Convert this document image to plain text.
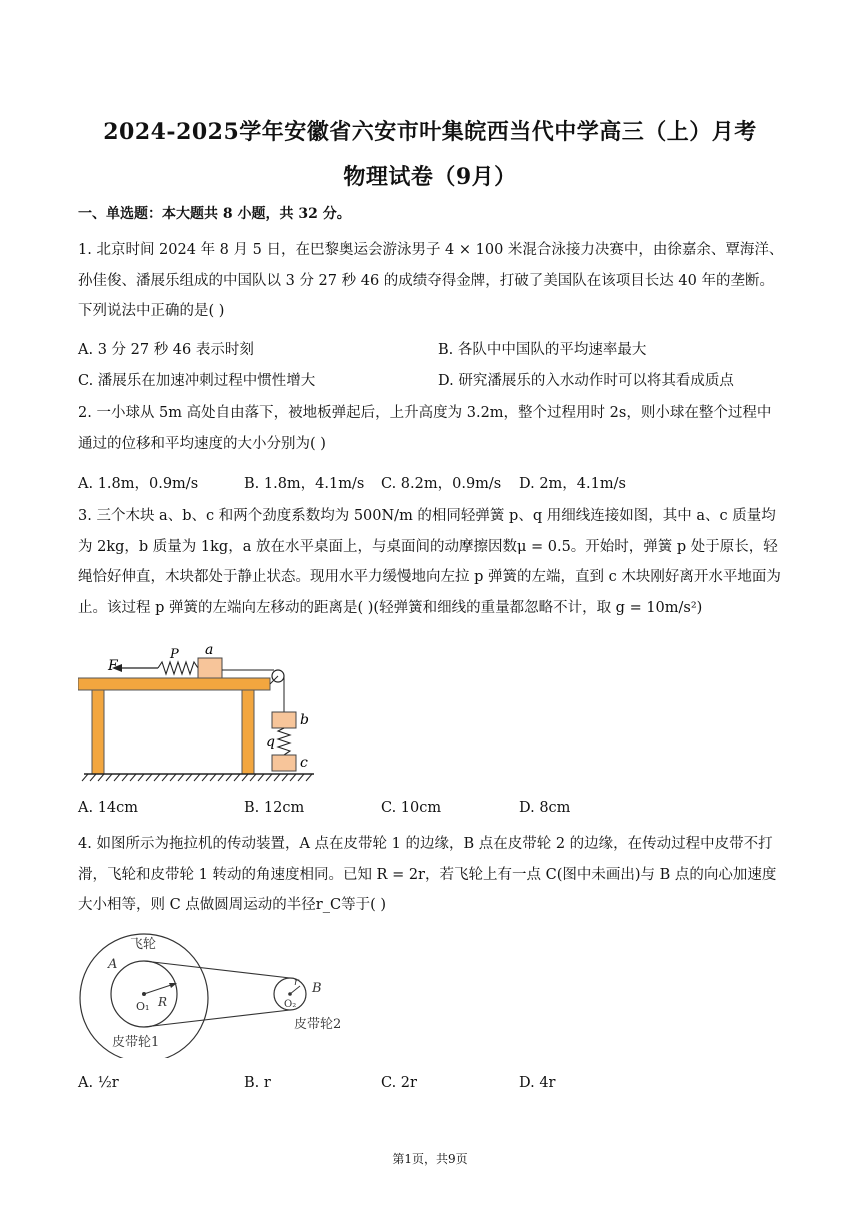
2024-2025学年安徽省六安市叶集皖西当代中学高三（上）月考
物理试卷（9月）
一、单选题：本大题共 8 小题，共 32 分。
1. 北京时间 2024 年 8 月 5 日，在巴黎奥运会游泳男子 4 × 100 米混合泳接力决赛中，由徐嘉余、覃海洋、孙佳俊、潘展乐组成的中国队以 3 分 27 秒 46 的成绩夺得金牌，打破了美国队在该项目长达 40 年的垄断。下列说法中正确的是( )
A. 3 分 27 秒 46 表示时刻	B. 各队中中国队的平均速率最大
C. 潘展乐在加速冲刺过程中惯性增大	D. 研究潘展乐的入水动作时可以将其看成质点
2. 一小球从 5m 高处自由落下，被地板弹起后，上升高度为 3.2m，整个过程用时 2s，则小球在整个过程中通过的位移和平均速度的大小分别为( )
A. 1.8m，0.9m/s	B. 1.8m，4.1m/s C. 8.2m，0.9m/s D. 2m，4.1m/s
3. 三个木块 a、b、c 和两个劲度系数均为 500N/m 的相同轻弹簧 p、q 用细线连接如图，其中 a、c 质量均为 2kg，b 质量为 1kg，a 放在水平桌面上，与桌面间的动摩擦因数μ = 0.5。开始时，弹簧 p 处于原长，轻绳恰好伸直，木块都处于静止状态。现用水平力缓慢地向左拉 p 弹簧的左端，直到 c 木块刚好离开水平地面为止。该过程 p 弹簧的左端向左移动的距离是( )(轻弹簧和细线的重量都忽略不计，取 g = 10m/s²)
F
P a
b
q
c
A. 14cm	B. 12cm	C. 10cm	D. 8cm
4. 如图所示为拖拉机的传动装置，A 点在皮带轮 1 的边缘，B 点在皮带轮 2 的边缘，在传动过程中皮带不打滑，飞轮和皮带轮 1 转动的角速度相同。已知 R = 2r，若飞轮上有一点 C(图中未画出)与 B 点的向心加速度大小相等，则 C 点做圆周运动的半径r_C等于( )
飞轮
A
R
O₁
皮带轮1
r
O₂
B
皮带轮2
A. ½r	B. r	C. 2r	D. 4r
第1页，共9页
